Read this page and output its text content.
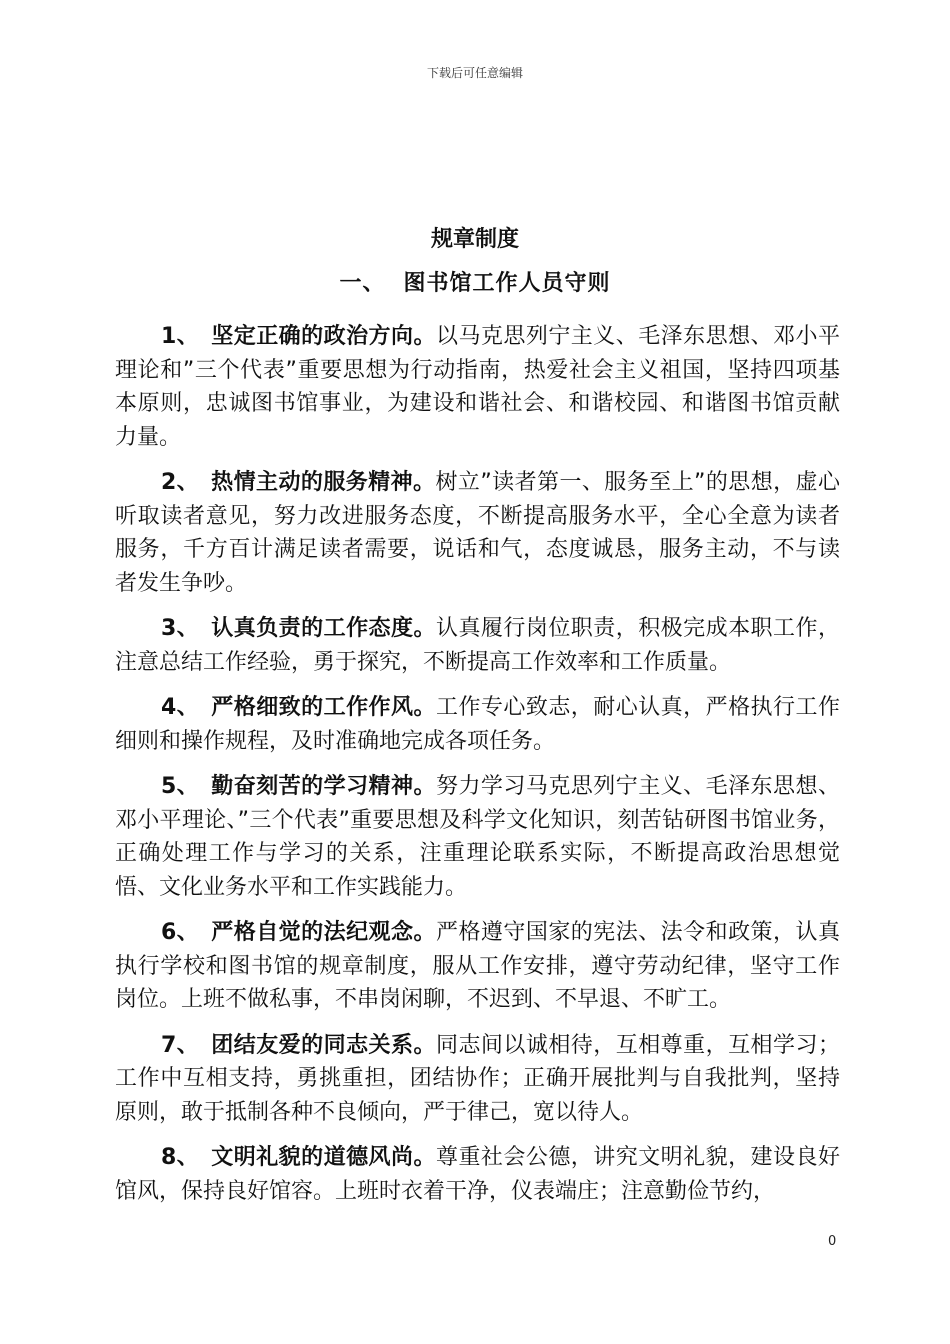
下载后可任意编辑
规章制度
一、 图书馆工作人员守则

1、 坚定正确的政治方向。以马克思列宁主义、毛泽东思想、邓小平理论和”三个代表”重要思想为行动指南，热爱社会主义祖国，坚持四项基本原则，忠诚图书馆事业，为建设和谐社会、和谐校园、和谐图书馆贡献力量。

2、 热情主动的服务精神。树立”读者第一、服务至上”的思想，虚心听取读者意见，努力改进服务态度，不断提高服务水平，全心全意为读者服务，千方百计满足读者需要，说话和气，态度诚恳，服务主动，不与读者发生争吵。

3、 认真负责的工作态度。认真履行岗位职责，积极完成本职工作，注意总结工作经验，勇于探究，不断提高工作效率和工作质量。

4、 严格细致的工作作风。工作专心致志，耐心认真，严格执行工作细则和操作规程，及时准确地完成各项任务。

5、 勤奋刻苦的学习精神。努力学习马克思列宁主义、毛泽东思想、邓小平理论、”三个代表”重要思想及科学文化知识，刻苦钻研图书馆业务，正确处理工作与学习的关系，注重理论联系实际，不断提高政治思想觉悟、文化业务水平和工作实践能力。

6、 严格自觉的法纪观念。严格遵守国家的宪法、法令和政策，认真执行学校和图书馆的规章制度，服从工作安排，遵守劳动纪律，坚守工作岗位。上班不做私事，不串岗闲聊，不迟到、不早退、不旷工。

7、 团结友爱的同志关系。同志间以诚相待，互相尊重，互相学习；工作中互相支持，勇挑重担，团结协作；正确开展批判与自我批判，坚持原则，敢于抵制各种不良倾向，严于律己，宽以待人。

8、 文明礼貌的道德风尚。尊重社会公德，讲究文明礼貌，建设良好馆风，保持良好馆容。上班时衣着干净，仪表端庄；注意勤俭节约，

0
